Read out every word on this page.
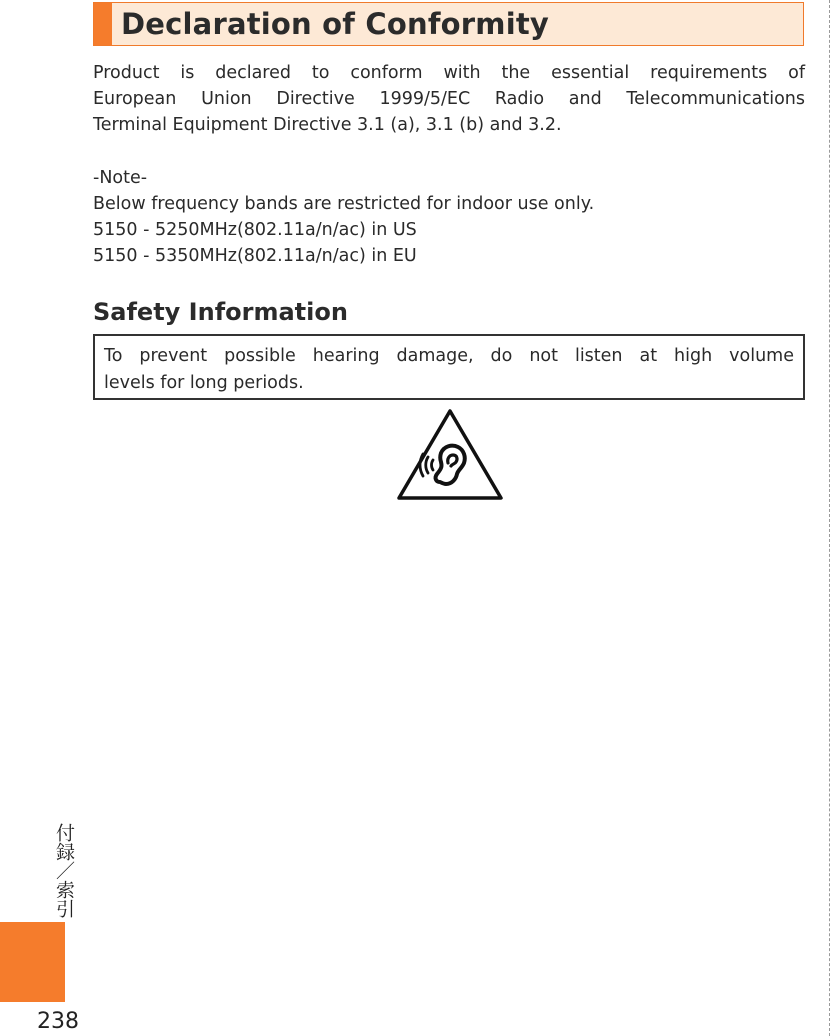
Declaration of Conformity
Product is declared to conform with the essential requirements of
European Union Directive 1999/5/EC Radio and Telecommunications
Terminal Equipment Directive 3.1 (a), 3.1 (b) and 3.2.
-Note-
Below frequency bands are restricted for indoor use only.
5150 - 5250MHz(802.11a/n/ac) in US
5150 - 5350MHz(802.11a/n/ac) in EU
Safety Information
To prevent possible hearing damage, do not listen at high volume
levels for long periods.
付録／索引
238
